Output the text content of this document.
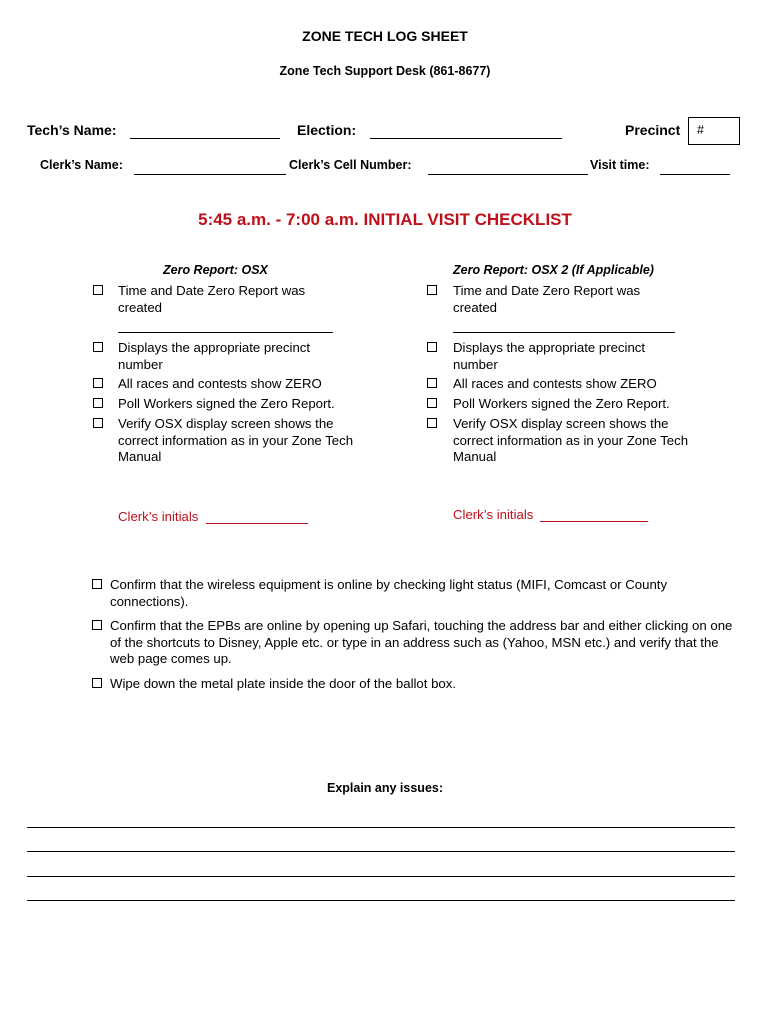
ZONE TECH LOG SHEET
Zone Tech Support Desk (861-8677)
Tech’s Name:	Election:	Precinct	#
Clerk’s Name:	Clerk’s Cell Number:	Visit time:
5:45 a.m. - 7:00 a.m. INITIAL VISIT CHECKLIST
Zero Report: OSX
Time and Date Zero Report was created
Displays the appropriate precinct number
All races and contests show ZERO
Poll Workers signed the Zero Report.
Verify OSX display screen shows the correct information as in your Zone Tech Manual
Clerk’s initials
Zero Report: OSX 2 (If Applicable)
Time and Date Zero Report was created
Displays the appropriate precinct number
All races and contests show ZERO
Poll Workers signed the Zero Report.
Verify OSX display screen shows the correct information as in your Zone Tech Manual
Clerk’s initials
Confirm that the wireless equipment is online by checking light status (MIFI, Comcast or County connections).
Confirm that the EPBs are online by opening up Safari, touching the address bar and either clicking on one of the shortcuts to Disney, Apple etc. or type in an address such as (Yahoo, MSN etc.) and verify that the web page comes up.
Wipe down the metal plate inside the door of the ballot box.
Explain any issues:
